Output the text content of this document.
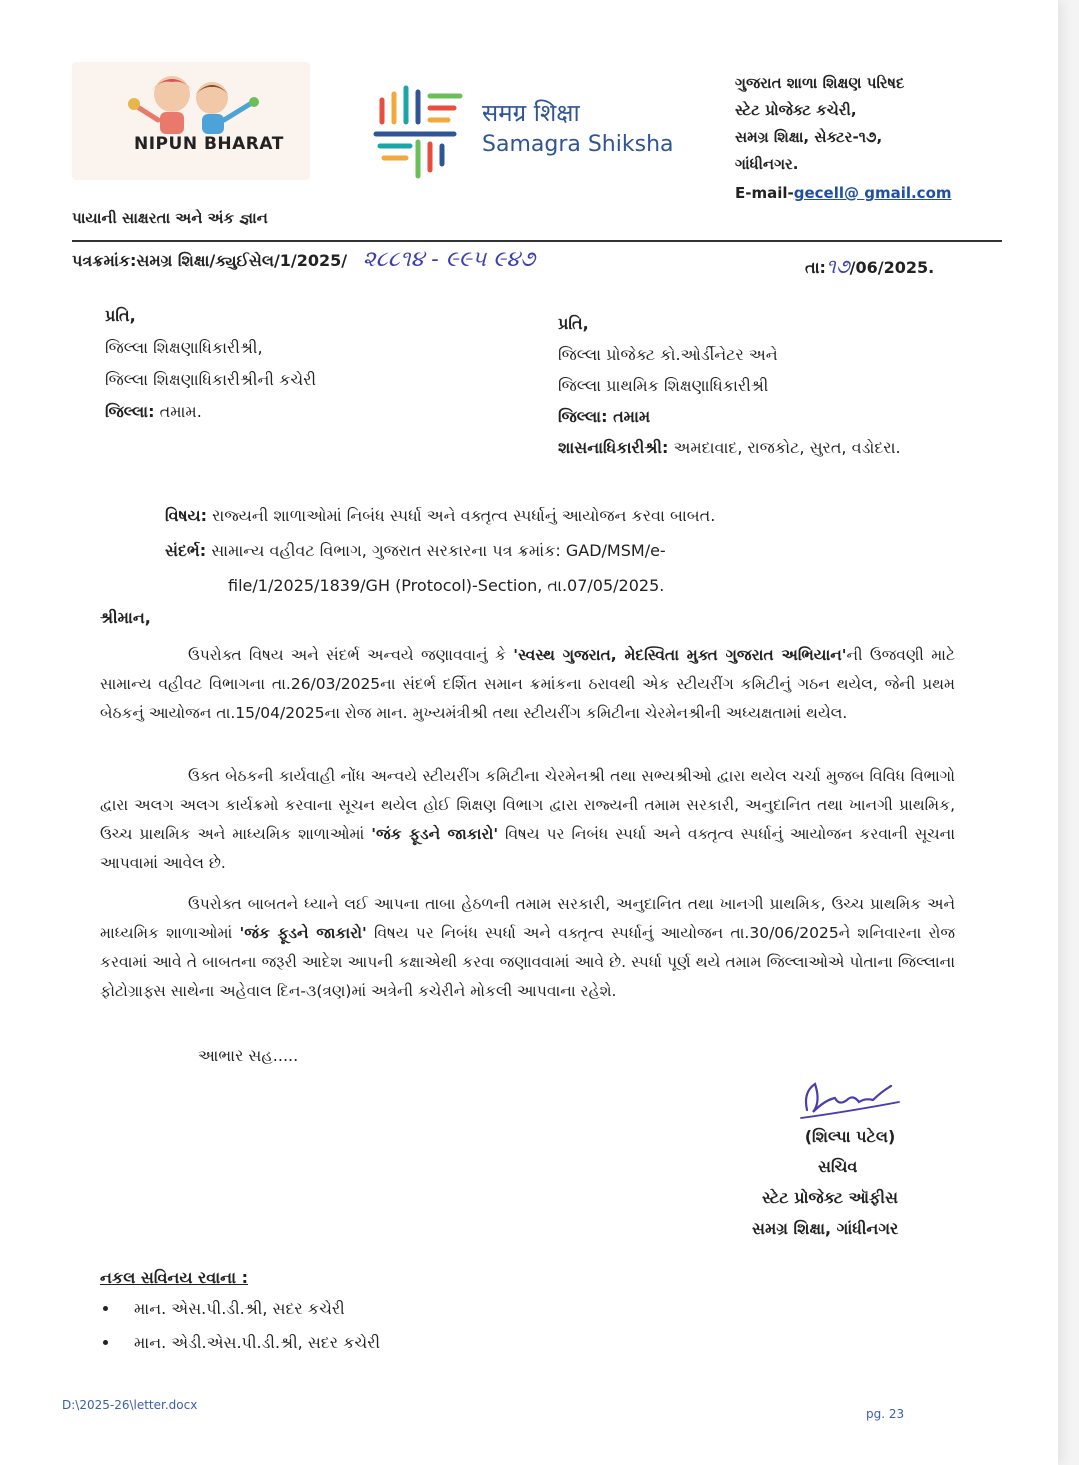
NIPUN BHARAT
समग्र शिक्षा
Samagra Shiksha
ગુજરાત શાળા શિક્ષણ પરિષદ
સ્ટેટ પ્રોજેક્ટ કચેરી,
સમગ્ર શિક્ષા, સેક્ટર-૧૭,
ગાંધીનગર.
E-mail-gecell@ gmail.com
પાયાની સાક્ષરતા અને અંક જ્ઞાન
પત્રક્રમાંક:સમગ્ર શિક્ષા/ક્યુઈસેલ/1/2025/ ૨૮૮૧૪ - ૯૯૫ ૯૪૭	તા:૧૭/06/2025.
પ્રતિ,
જિલ્લા શિક્ષણાધિકારીશ્રી,
જિલ્લા શિક્ષણાધિકારીશ્રીની કચેરી
જિલ્લા: તમામ.
પ્રતિ,
જિલ્લા પ્રોજેક્ટ કો.ઓર્ડીનેટર અને
જિલ્લા પ્રાથમિક શિક્ષણાધિકારીશ્રી
જિલ્લા: તમામ
શાસનાધિકારીશ્રી: અમદાવાદ, રાજકોટ, સુરત, વડોદરા.
વિષય: રાજ્યની શાળાઓમાં નિબંધ સ્પર્ધા અને વક્તૃત્વ સ્પર્ધાનું આયોજન કરવા બાબત.
સંદર્ભ: સામાન્ય વહીવટ વિભાગ, ગુજરાત સરકારના પત્ર ક્રમાંક: GAD/MSM/e-
file/1/2025/1839/GH (Protocol)-Section, તા.07/05/2025.
શ્રીમાન,
ઉપરોક્ત વિષય અને સંદર્ભ અન્વયે જણાવવાનું કે 'સ્વસ્થ ગુજરાત, મેદસ્વિતા મુક્ત ગુજરાત અભિયાન'ની ઉજવણી માટે સામાન્ય વહીવટ વિભાગના તા.26/03/2025ના સંદર્ભ દર્શિત સમાન ક્રમાંકના ઠરાવથી એક સ્ટીયરીંગ કમિટીનું ગઠન થયેલ, જેની પ્રથમ બેઠકનું આયોજન તા.15/04/2025ના રોજ માન. મુખ્યમંત્રીશ્રી તથા સ્ટીયરીંગ કમિટીના ચેરમેનશ્રીની અધ્યક્ષતામાં થયેલ.
ઉક્ત બેઠકની કાર્યવાહી નોંધ અન્વયે સ્ટીયરીંગ કમિટીના ચેરમેનશ્રી તથા સભ્યશ્રીઓ દ્વારા થયેલ ચર્ચા મુજબ વિવિધ વિભાગો દ્વારા અલગ અલગ કાર્યક્રમો કરવાના સૂચન થયેલ હોઈ શિક્ષણ વિભાગ દ્વારા રાજ્યની તમામ સરકારી, અનુદાનિત તથા ખાનગી પ્રાથમિક, ઉચ્ચ પ્રાથમિક અને માધ્યમિક શાળાઓમાં 'જંક ફૂડને જાકારો' વિષય પર નિબંધ સ્પર્ધા અને વક્તૃત્વ સ્પર્ધાનું આયોજન કરવાની સૂચના આપવામાં આવેલ છે.
ઉપરોક્ત બાબતને ધ્યાને લઈ આપના તાબા હેઠળની તમામ સરકારી, અનુદાનિત તથા ખાનગી પ્રાથમિક, ઉચ્ચ પ્રાથમિક અને માધ્યમિક શાળાઓમાં 'જંક ફૂડને જાકારો' વિષય પર નિબંધ સ્પર્ધા અને વક્તૃત્વ સ્પર્ધાનું આયોજન તા.30/06/2025ને શનિવારના રોજ કરવામાં આવે તે બાબતના જરૂરી આદેશ આપની કક્ષાએથી કરવા જણાવવામાં આવે છે. સ્પર્ધા પૂર્ણ થયે તમામ જિલ્લાઓએ પોતાના જિલ્લાના ફોટોગ્રાફ્સ સાથેના અહેવાલ દિન-૩(ત્રણ)માં અત્રેની કચેરીને મોકલી આપવાના રહેશે.
આભાર સહ.....
(શિલ્પા પટેલ)
સચિવ
સ્ટેટ પ્રોજેક્ટ ઑફીસ
સમગ્ર શિક્ષા, ગાંધીનગર
નકલ સવિનય રવાના :
• માન. એસ.પી.ડી.શ્રી, સદર કચેરી
• માન. એડી.એસ.પી.ડી.શ્રી, સદર કચેરી
D:\2025-26\letter.docx
pg. 23
